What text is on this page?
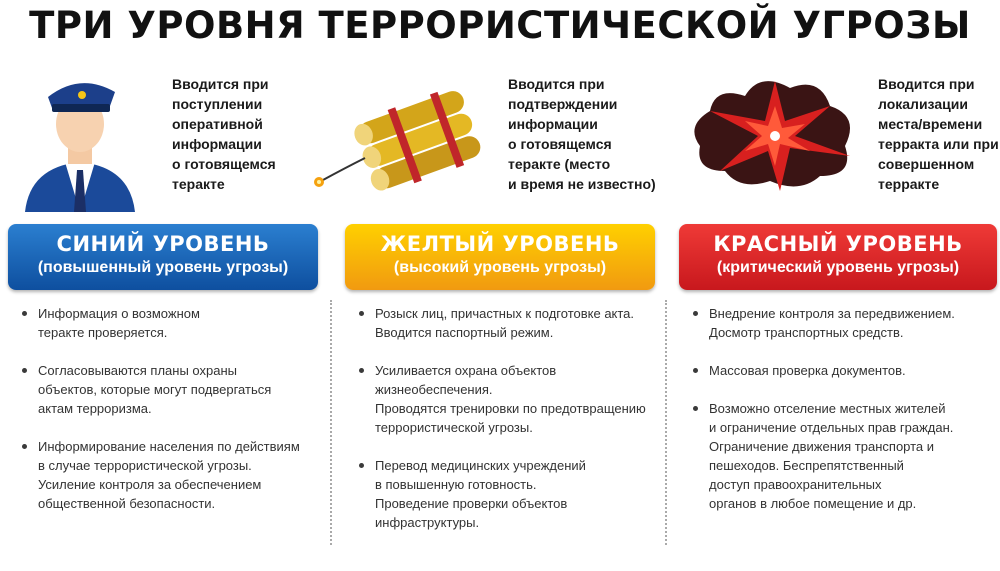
ТРИ УРОВНЯ ТЕРРОРИСТИЧЕСКОЙ УГРОЗЫ
Вводится при
поступлении
оперативной
информации
о готовящемся
теракте
Вводится при
подтверждении
информации
о готовящемся
теракте (место
и время не известно)
Вводится при
локализации
места/времени
терракта или при
совершенном
терракте
СИНИЙ УРОВЕНЬ
(повышенный уровень угрозы)
Информация о возможном
теракте проверяется.
Согласовываются планы охраны
объектов, которые могут подвергаться
актам терроризма.
Информирование населения по действиям
в случае террористической угрозы.
Усиление контроля за обеспечением
общественной безопасности.
ЖЕЛТЫЙ УРОВЕНЬ
(высокий уровень угрозы)
Розыск лиц, причастных к подготовке акта.
Вводится паспортный режим.
Усиливается охрана объектов жизнеобеспечения.
Проводятся тренировки по предотвращению
террористической угрозы.
Перевод медицинских учреждений
в повышенную готовность.
Проведение проверки объектов
инфраструктуры.
КРАСНЫЙ УРОВЕНЬ
(критический уровень угрозы)
Внедрение контроля за передвижением.
Досмотр транспортных средств.
Массовая проверка документов.
Возможно отселение местных жителей
и ограничение отдельных прав граждан.
Ограничение движения транспорта и
пешеходов. Беспрепятственный
доступ правоохранительных
органов в любое помещение и др.
